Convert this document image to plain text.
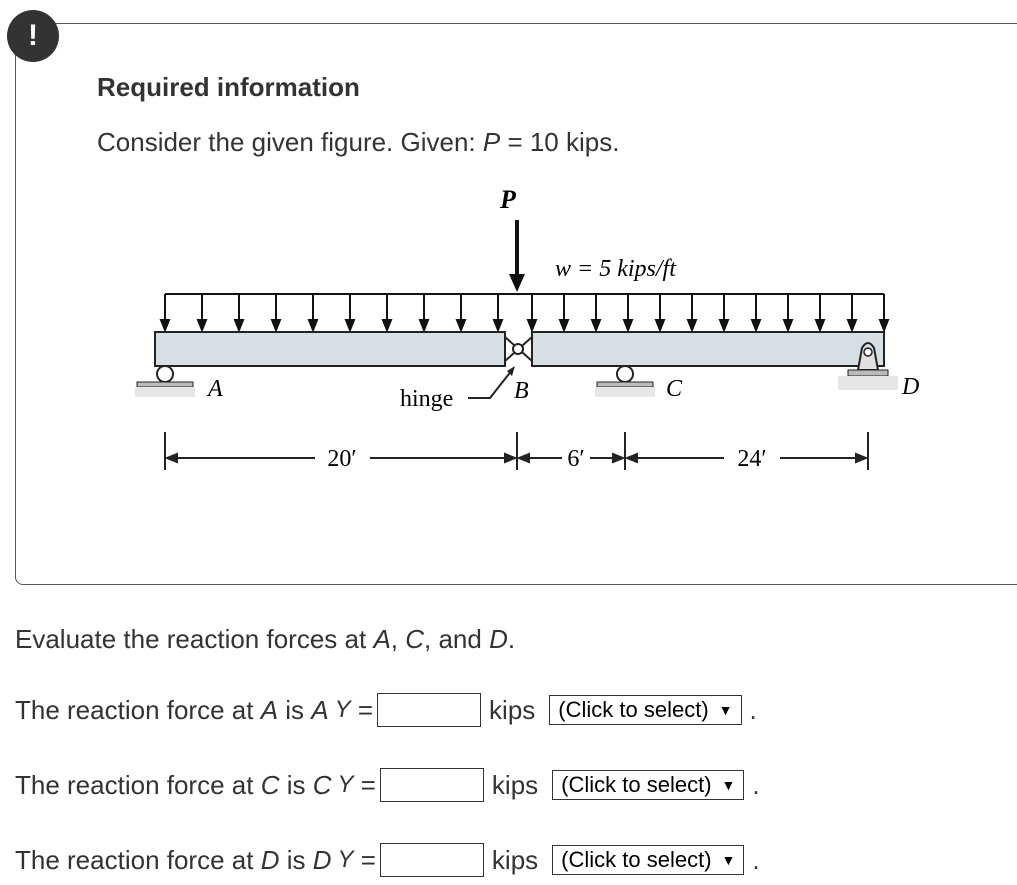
!
Required information
Consider the given figure. Given: P = 10 kips.
P
w = 5 kips/ft
A	hinge	B	C	D
20′	6′	24′
Evaluate the reaction forces at A, C, and D.
The reaction force at A is A Y =	kips (Click to select) ▼ .
The reaction force at C is C Y =	kips (Click to select) ▼ .
The reaction force at D is D Y =	kips (Click to select) ▼ .
